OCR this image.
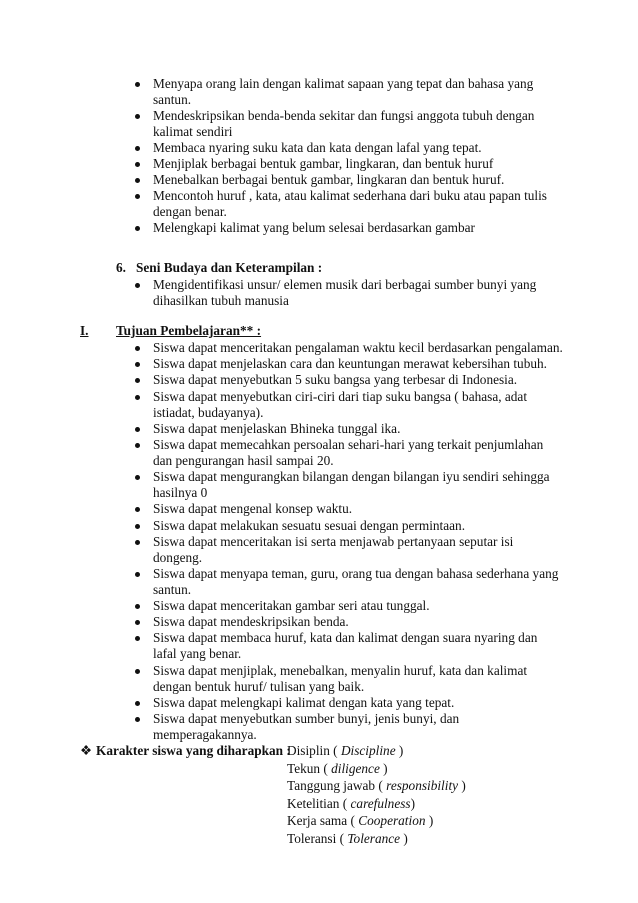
Menyapa orang lain dengan kalimat sapaan yang tepat dan bahasa yang santun.
Mendeskripsikan benda-benda sekitar dan fungsi anggota tubuh dengan kalimat sendiri
Membaca nyaring suku kata dan kata dengan lafal yang tepat.
Menjiplak berbagai bentuk gambar, lingkaran, dan bentuk huruf
Menebalkan berbagai bentuk gambar, lingkaran dan bentuk huruf.
Mencontoh huruf , kata, atau kalimat sederhana dari buku atau papan tulis dengan benar.
Melengkapi kalimat yang belum selesai berdasarkan gambar
6. Seni Budaya dan Keterampilan :
Mengidentifikasi unsur/ elemen musik dari berbagai sumber bunyi yang dihasilkan tubuh manusia
I. Tujuan Pembelajaran** :
Siswa dapat menceritakan pengalaman waktu kecil berdasarkan pengalaman.
Siswa dapat menjelaskan cara dan keuntungan merawat kebersihan tubuh.
Siswa dapat menyebutkan 5 suku bangsa yang terbesar di Indonesia.
Siswa dapat menyebutkan ciri-ciri dari tiap suku bangsa ( bahasa, adat istiadat, budayanya).
Siswa dapat menjelaskan Bhineka tunggal ika.
Siswa dapat memecahkan persoalan sehari-hari yang terkait penjumlahan dan pengurangan hasil sampai 20.
Siswa dapat mengurangkan bilangan dengan bilangan iyu sendiri sehingga hasilnya 0
Siswa dapat mengenal konsep waktu.
Siswa dapat melakukan sesuatu sesuai dengan permintaan.
Siswa dapat menceritakan isi serta menjawab pertanyaan seputar isi dongeng.
Siswa dapat menyapa teman, guru, orang tua dengan bahasa sederhana yang santun.
Siswa dapat menceritakan gambar seri atau tunggal.
Siswa dapat mendeskripsikan benda.
Siswa dapat membaca huruf, kata dan kalimat dengan suara nyaring dan lafal yang benar.
Siswa dapat menjiplak, menebalkan, menyalin huruf, kata dan kalimat dengan bentuk huruf/ tulisan yang baik.
Siswa dapat melengkapi kalimat dengan kata yang tepat.
Siswa dapat menyebutkan sumber bunyi, jenis bunyi, dan memperagakannya.
❖ Karakter siswa yang diharapkan :
Disiplin ( Discipline )
Tekun ( diligence )
Tanggung jawab ( responsibility )
Ketelitian ( carefulness)
Kerja sama ( Cooperation )
Toleransi ( Tolerance )
